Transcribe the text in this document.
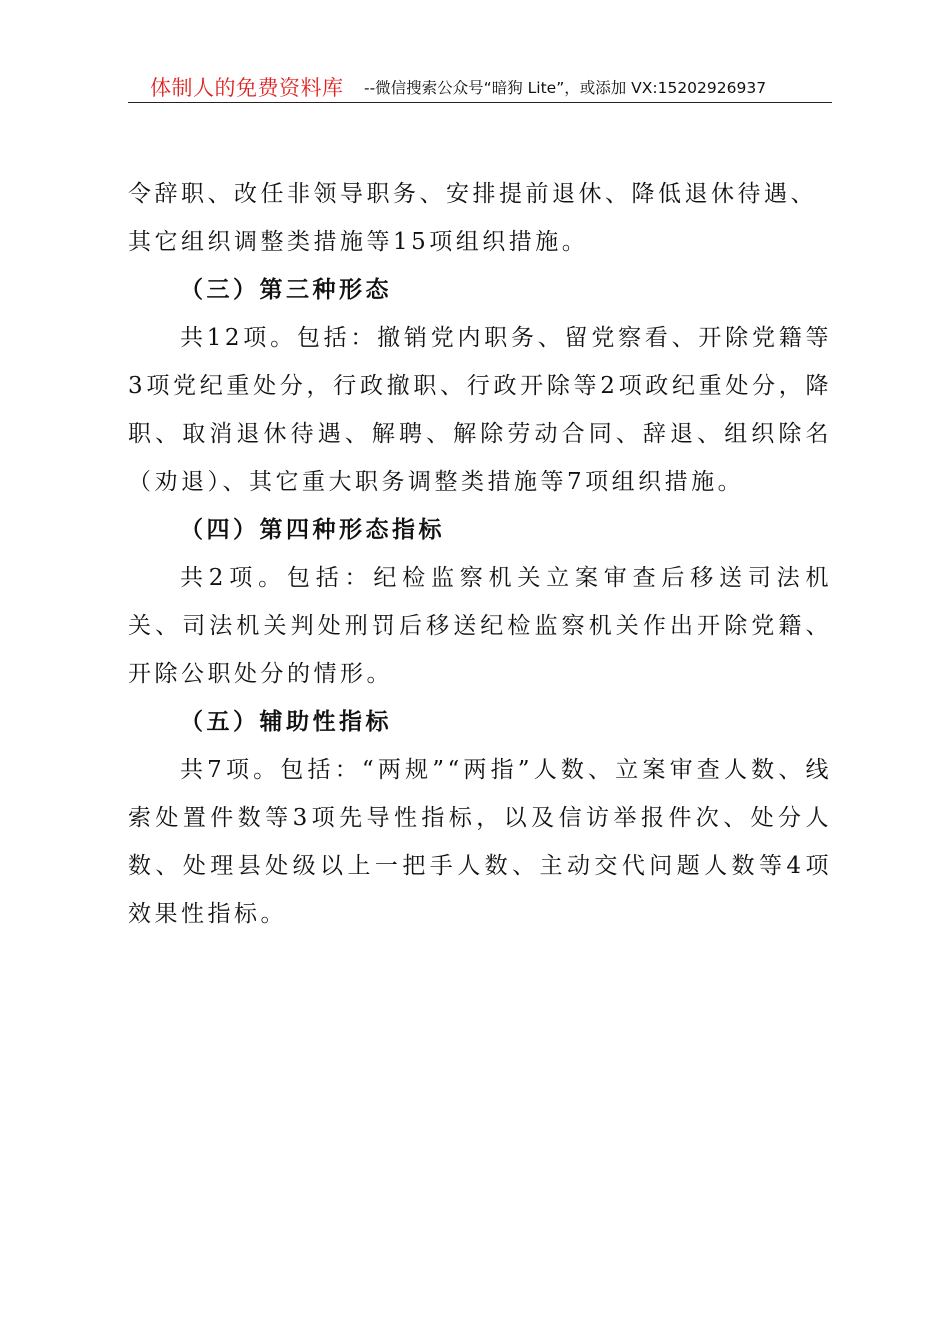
体制人的免费资料库 --微信搜索公众号“暗狗 Lite”，或添加 VX:15202926937

令辞职、改任非领导职务、安排提前退休、降低退休待遇、

其它组织调整类措施等15项组织措施。

（三）第三种形态

共12项。包括：撤销党内职务、留党察看、开除党籍等3项党纪重处分，行政撤职、行政开除等2项政纪重处分，降职、取消退休待遇、解聘、解除劳动合同、辞退、组织除名（劝退）、其它重大职务调整类措施等7项组织措施。

（四）第四种形态指标

共2项。包括：纪检监察机关立案审查后移送司法机关、司法机关判处刑罚后移送纪检监察机关作出开除党籍、开除公职处分的情形。

（五）辅助性指标

共7项。包括：“两规”“两指”人数、立案审查人数、线索处置件数等3项先导性指标，以及信访举报件次、处分人数、处理县处级以上一把手人数、主动交代问题人数等4项效果性指标。
